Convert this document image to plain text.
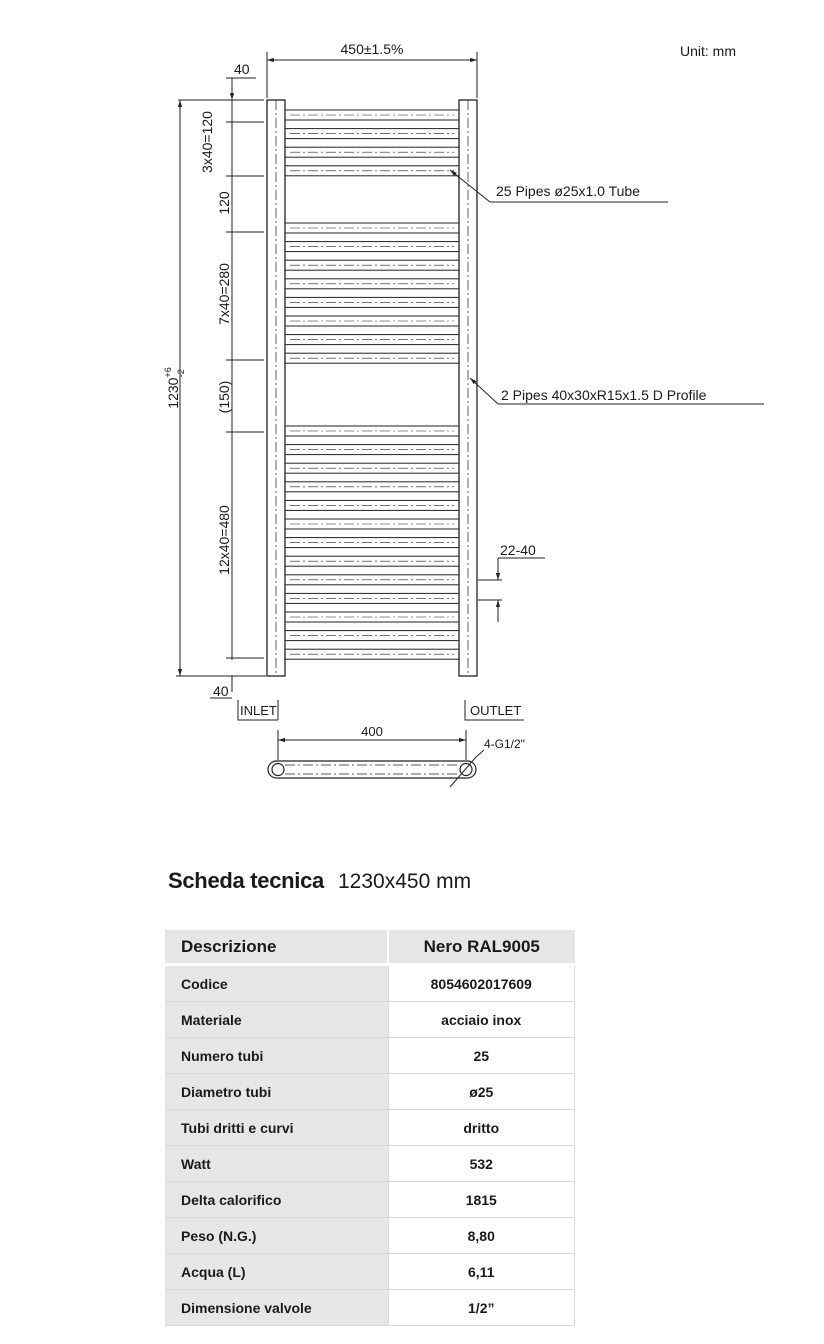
Unit: mm
450±1.5%
40
$1230^{+6}$ -2
3x40=120
120
7x40=280
(150)
12x40=480
40
25 Pipes ø25x1.0 Tube
2 Pipes 40x30xR15x1.5 D Profile
22-40
INLET	OUTLET
400
4-G1/2"
Scheda tecnica 1230x450 mm
Descrizione	Nero RAL9005
Codice	8054602017609
Materiale	acciaio inox
Numero tubi	25
Diametro tubi	ø25
Tubi dritti e curvi	dritto
Watt	532
Delta calorifico	1815
Peso (N.G.)	8,80
Acqua (L)	6,11
Dimensione valvole	1/2”
